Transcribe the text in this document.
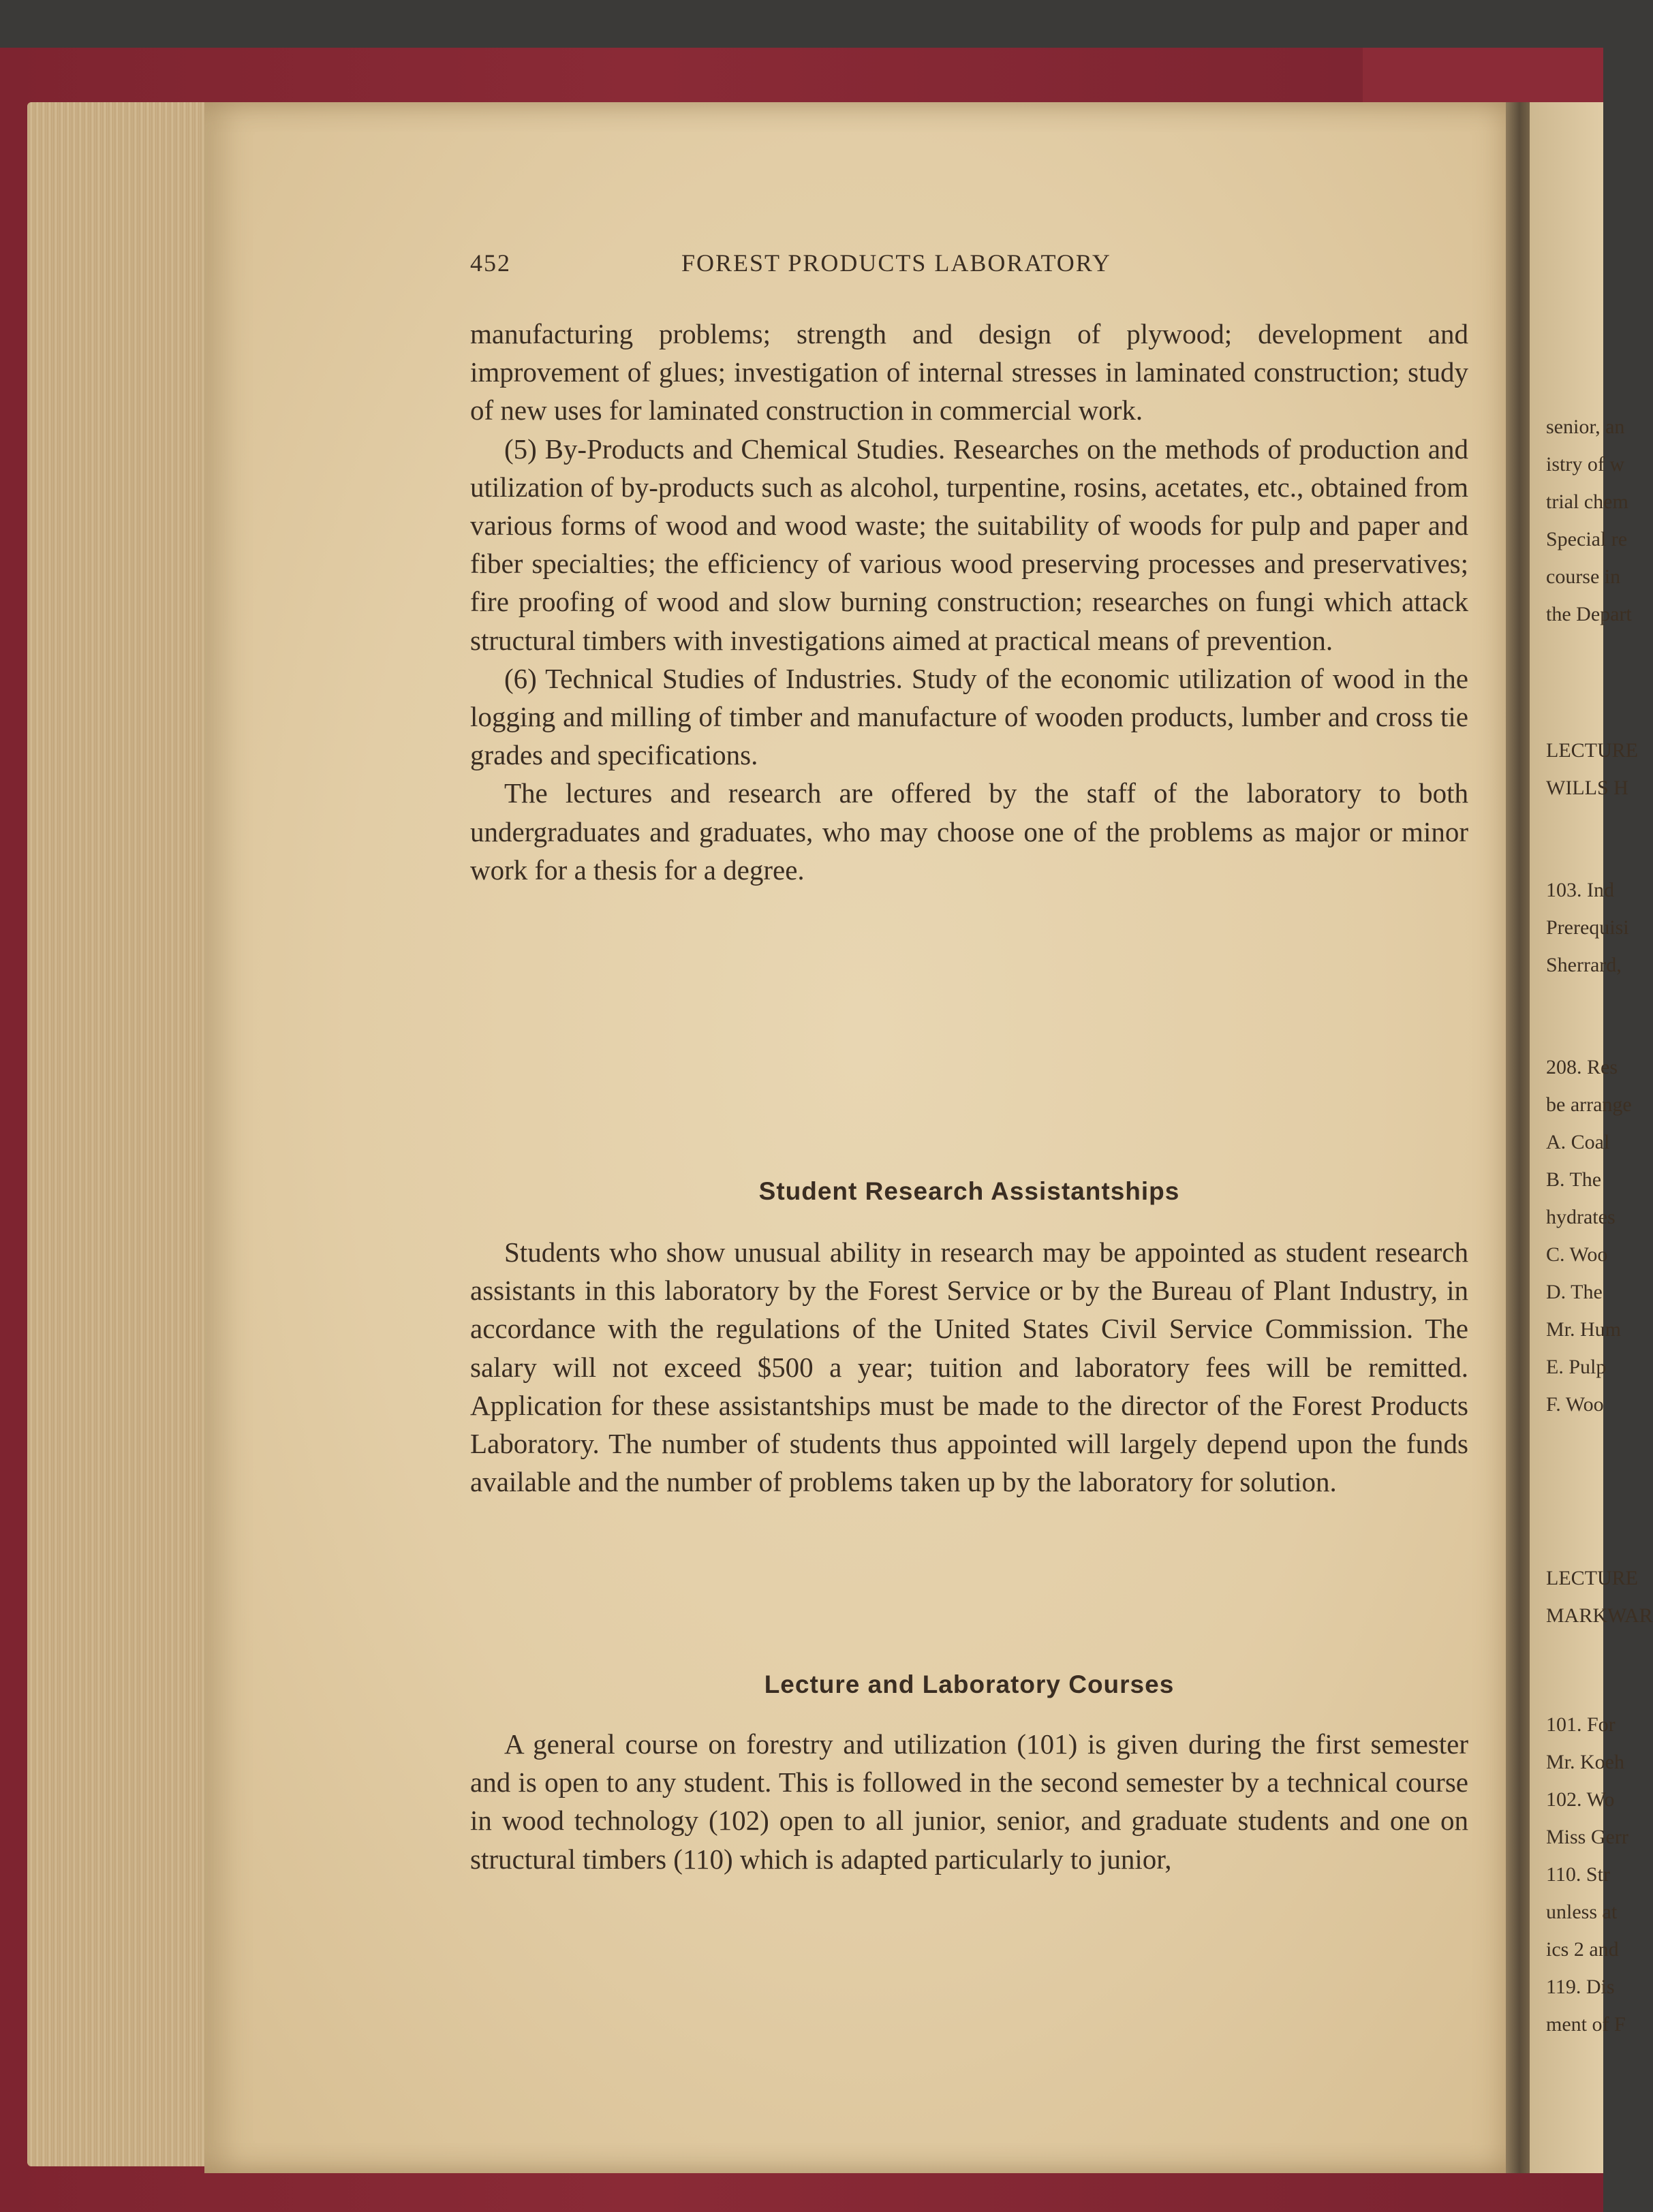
452	FOREST PRODUCTS LABORATORY

manufacturing problems; strength and design of plywood; development and improvement of glues; investigation of internal stresses in laminated construction; study of new uses for laminated construction in commercial work.

(5) By-Products and Chemical Studies. Researches on the methods of production and utilization of by-products such as alcohol, turpentine, rosins, acetates, etc., obtained from various forms of wood and wood waste; the suitability of woods for pulp and paper and fiber specialties; the efficiency of various wood preserving processes and preservatives; fire proofing of wood and slow burning construction; researches on fungi which attack structural timbers with investigations aimed at practical means of prevention.

(6) Technical Studies of Industries. Study of the economic utilization of wood in the logging and milling of timber and manufacture of wooden products, lumber and cross tie grades and specifications.

The lectures and research are offered by the staff of the laboratory to both undergraduates and graduates, who may choose one of the problems as major or minor work for a thesis for a degree.

Student Research Assistantships

Students who show unusual ability in research may be appointed as student research assistants in this laboratory by the Forest Service or by the Bureau of Plant Industry, in accordance with the regulations of the United States Civil Service Commission. The salary will not exceed $500 a year; tuition and laboratory fees will be remitted. Application for these assistantships must be made to the director of the Forest Products Laboratory. The number of students thus appointed will largely depend upon the funds available and the number of problems taken up by the laboratory for solution.

Lecture and Laboratory Courses

A general course on forestry and utilization (101) is given during the first semester and is open to any student. This is followed in the second semester by a technical course in wood technology (102) open to all junior, senior, and graduate students and one on structural timbers (110) which is adapted particularly to junior,

senior, an
istry of w
trial chem
Special re
course in
the Depart
LECTURE
WILLS H
103. Ind
Prerequisi
Sherrard,
208. Res
be arrange
A. Coal
B. The
hydrates
C. Woo
D. The
Mr. Hum
E. Pulp
F. Woo
LECTURE
MARKWAR
101. For
Mr. Koeh
102. Wo
Miss Gerr
110. Str
unless at
ics 2 and
119. Dis
ment of F
